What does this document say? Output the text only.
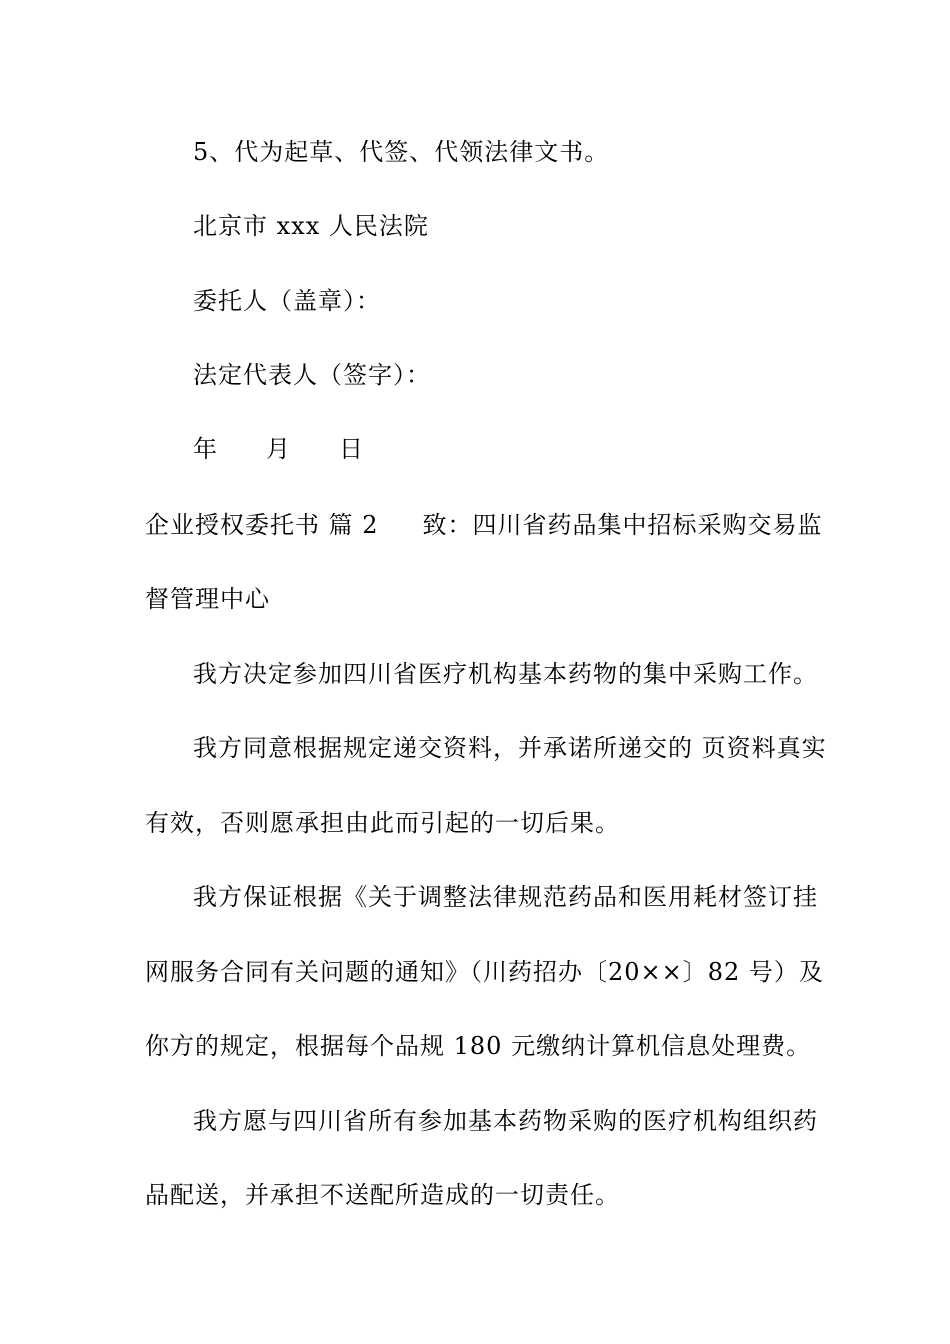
5、代为起草、代签、代领法律文书。
北京市 xxx 人民法院
委托人（盖章）：
法定代表人（签字）：
年 月 日
企业授权委托书 篇 2 致：四川省药品集中招标采购交易监
督管理中心
我方决定参加四川省医疗机构基本药物的集中采购工作。
我方同意根据规定递交资料，并承诺所递交的 页资料真实
有效，否则愿承担由此而引起的一切后果。
我方保证根据《关于调整法律规范药品和医用耗材签订挂
网服务合同有关问题的通知》（川药招办〔20××〕82 号）及
你方的规定，根据每个品规 180 元缴纳计算机信息处理费。
我方愿与四川省所有参加基本药物采购的医疗机构组织药
品配送，并承担不送配所造成的一切责任。
